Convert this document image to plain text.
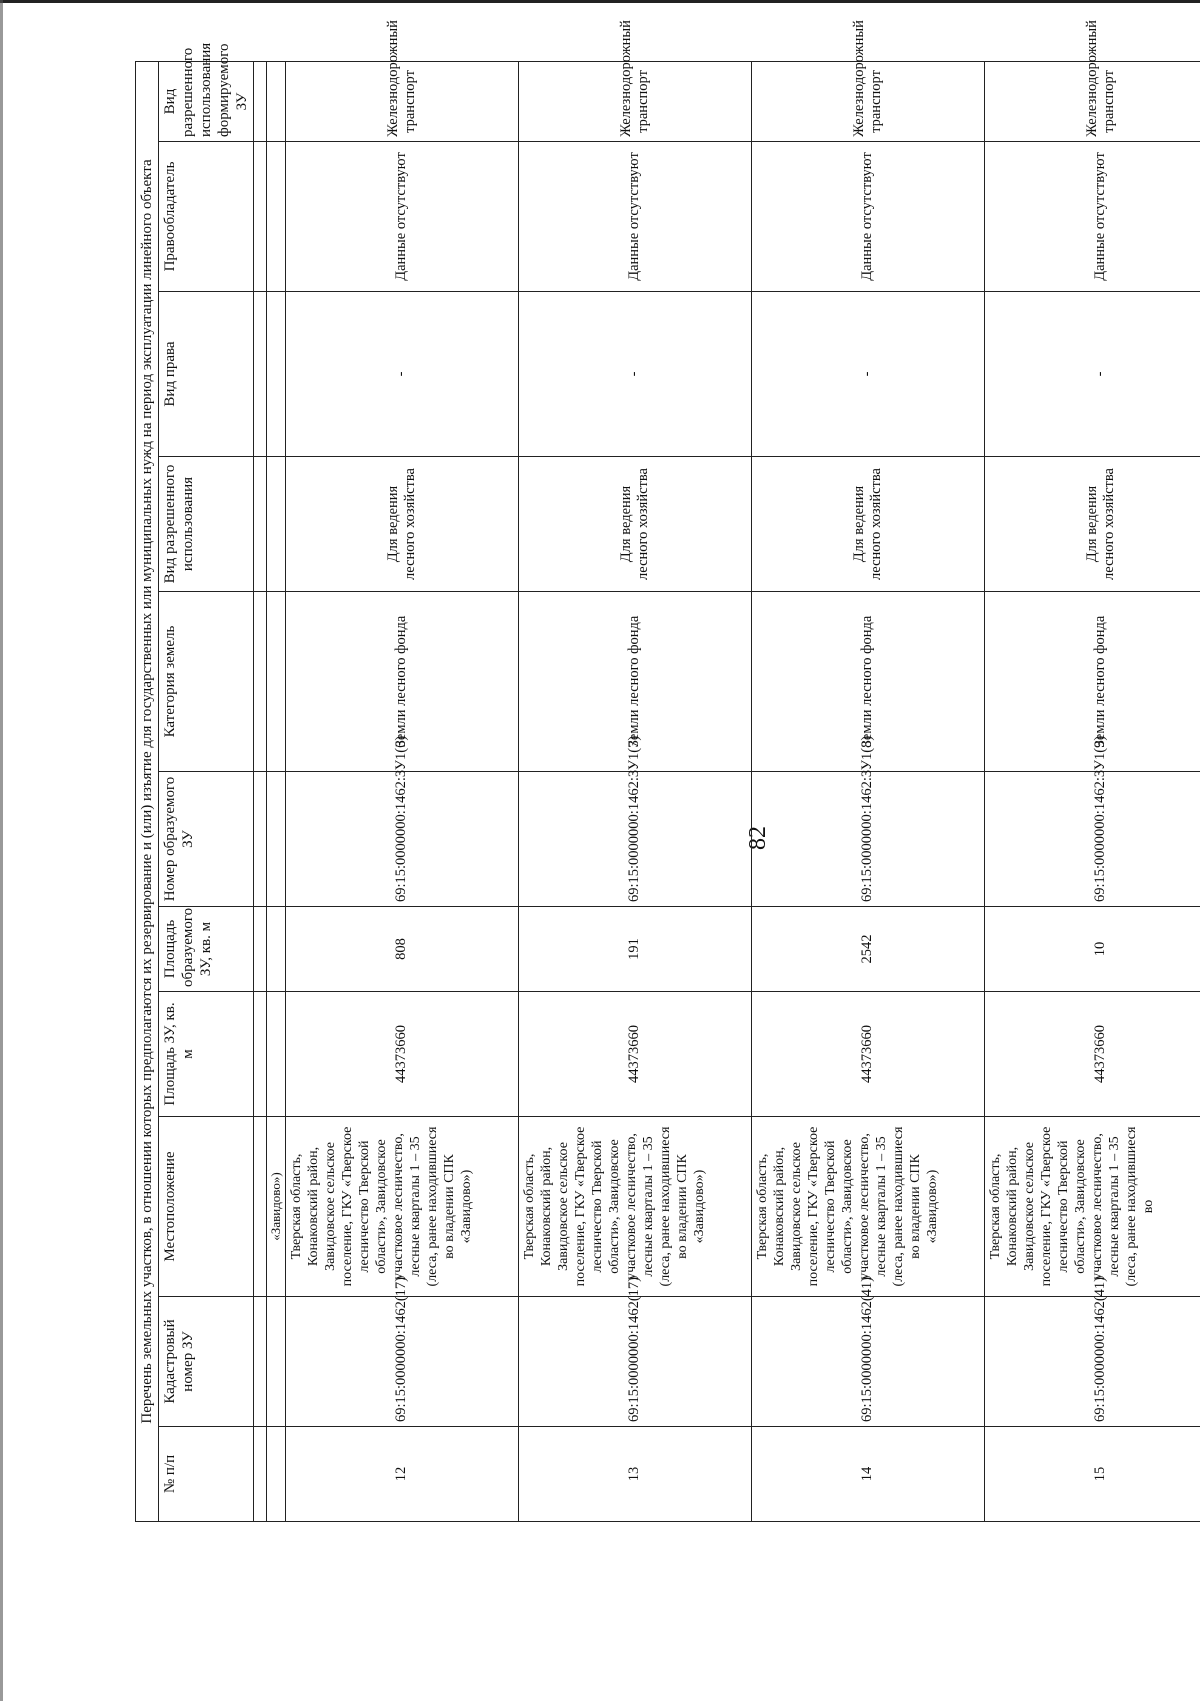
82
Перечень земельных участков, в отношении которых предполагаются их резервирование и (или) изъятие для государственных или муниципальных нужд на период эксплуатации линейного объекта										
№ п/п	Кадастровый номер ЗУ	Местоположение	Площадь ЗУ, кв. м	Площадь образуемого ЗУ, кв. м	Номер образуемого ЗУ	Категория земель	Вид разрешенного использования	Вид права	Правообладатель	Вид разрешенного использования формируемого ЗУ

		«Завидово»)								
12	69:15:0000000:1462(17)	Тверская область, Конаковский район, Завидовское сельское поселение, ГКУ «Тверское лесничество Тверской области», Завидовское участковое лесничество, лесные кварталы 1 – 35 (леса, ранее находившиеся во владении СПК «Завидово»)	44373660	808	69:15:0000000:1462:ЗУ1(6)	Земли лесного фонда	Для ведения лесного хозяйства	-	Данные отсутствуют	Железнодорожный транспорт
13	69:15:0000000:1462(17)	Тверская область, Конаковский район, Завидовское сельское поселение, ГКУ «Тверское лесничество Тверской области», Завидовское участковое лесничество, лесные кварталы 1 – 35 (леса, ранее находившиеся во владении СПК «Завидово»)	44373660	191	69:15:0000000:1462:ЗУ1(7)	Земли лесного фонда	Для ведения лесного хозяйства	-	Данные отсутствуют	Железнодорожный транспорт
14	69:15:0000000:1462(41)	Тверская область, Конаковский район, Завидовское сельское поселение, ГКУ «Тверское лесничество Тверской области», Завидовское участковое лесничество, лесные кварталы 1 – 35 (леса, ранее находившиеся во владении СПК «Завидово»)	44373660	2542	69:15:0000000:1462:ЗУ1(8)	Земли лесного фонда	Для ведения лесного хозяйства	-	Данные отсутствуют	Железнодорожный транспорт
15	69:15:0000000:1462(41)	Тверская область, Конаковский район, Завидовское сельское поселение, ГКУ «Тверское лесничество Тверской области», Завидовское участковое лесничество, лесные кварталы 1 – 35 (леса, ранее находившиеся во	44373660	10	69:15:0000000:1462:ЗУ1(9)	Земли лесного фонда	Для ведения лесного хозяйства	-	Данные отсутствуют	Железнодорожный транспорт
